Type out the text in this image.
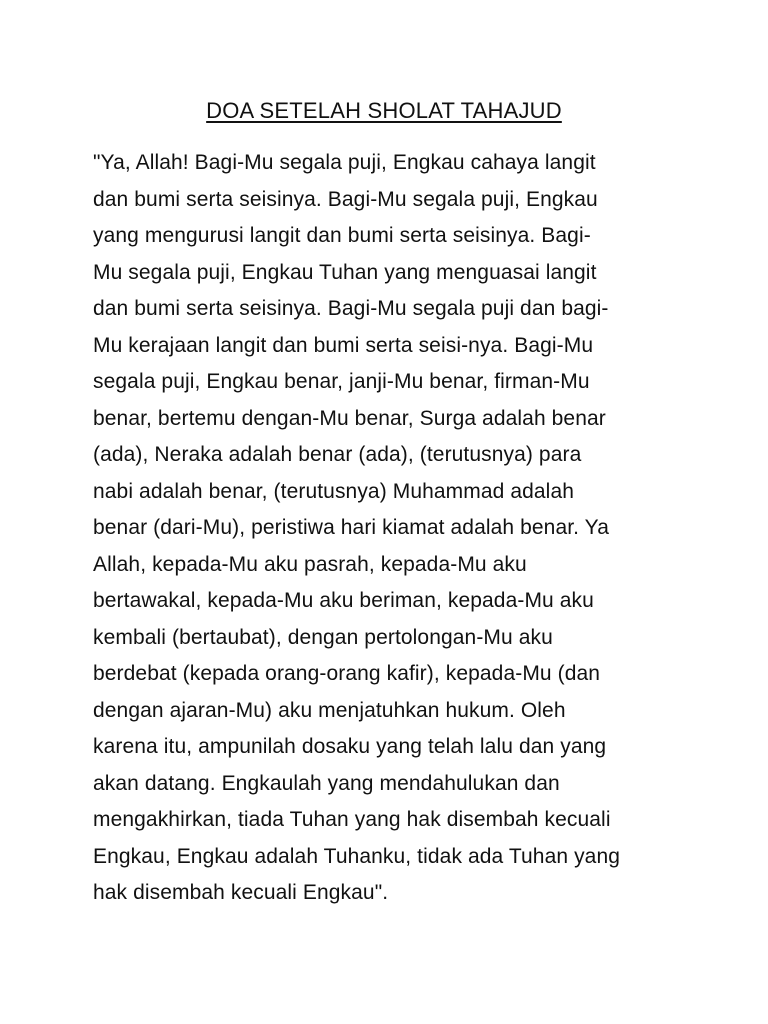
DOA SETELAH SHOLAT TAHAJUD
"Ya, Allah! Bagi-Mu segala puji, Engkau cahaya langit
dan bumi serta seisinya. Bagi-Mu segala puji, Engkau
yang mengurusi langit dan bumi serta seisinya. Bagi-
Mu segala puji, Engkau Tuhan yang menguasai langit
dan bumi serta seisinya. Bagi-Mu segala puji dan bagi-
Mu kerajaan langit dan bumi serta seisi-nya. Bagi-Mu
segala puji, Engkau benar, janji-Mu benar, firman-Mu
benar, bertemu dengan-Mu benar, Surga adalah benar
(ada), Neraka adalah benar (ada), (terutusnya) para
nabi adalah benar, (terutusnya) Muhammad adalah
benar (dari-Mu), peristiwa hari kiamat adalah benar. Ya
Allah, kepada-Mu aku pasrah, kepada-Mu aku
bertawakal, kepada-Mu aku beriman, kepada-Mu aku
kembali (bertaubat), dengan pertolongan-Mu aku
berdebat (kepada orang-orang kafir), kepada-Mu (dan
dengan ajaran-Mu) aku menjatuhkan hukum. Oleh
karena itu, ampunilah dosaku yang telah lalu dan yang
akan datang. Engkaulah yang mendahulukan dan
mengakhirkan, tiada Tuhan yang hak disembah kecuali
Engkau, Engkau adalah Tuhanku, tidak ada Tuhan yang
hak disembah kecuali Engkau".
